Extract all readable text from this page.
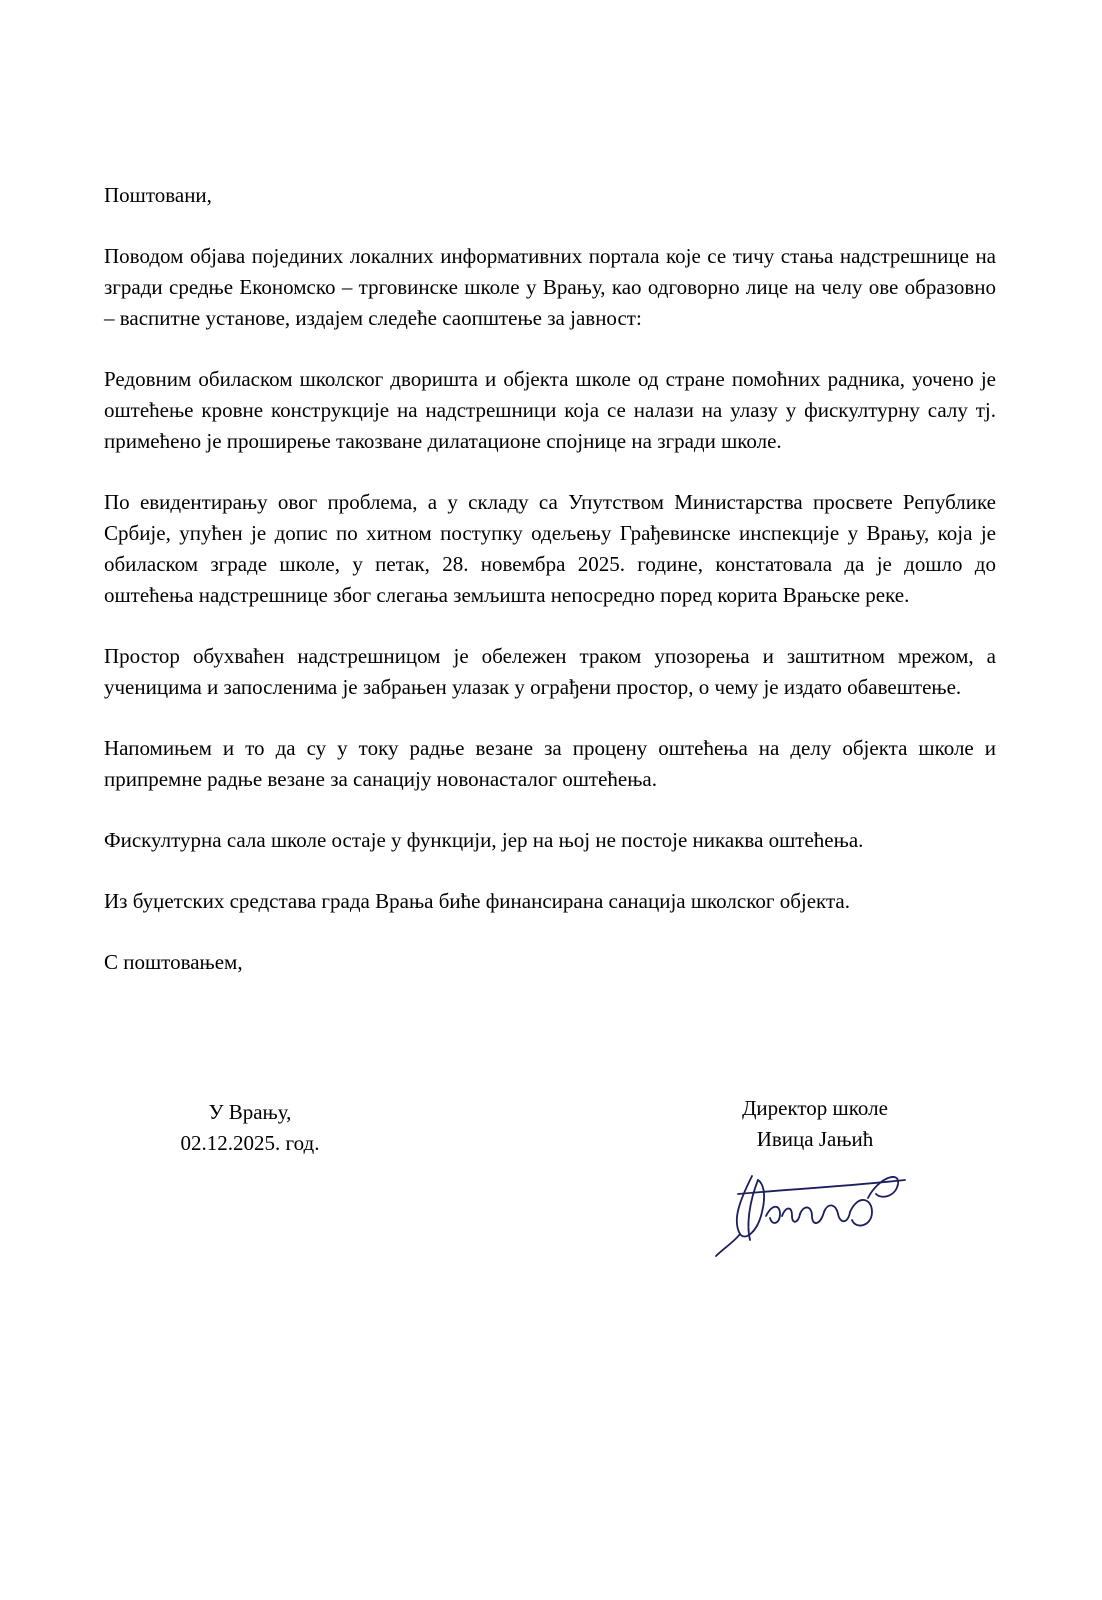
Поштовани,

Поводом објава појединих локалних информативних портала које се тичу стања надстрешнице на згради средње Економско – трговинске школе у Врању, као одговорно лице на челу ове образовно – васпитне установе, издајем следеће саопштење за јавност:

Редовним обиласком школског дворишта и објекта школе од стране помоћних радника, уочено је оштећење кровне конструкције на надстрешници која се налази на улазу у фискултурну салу тј. примећено је проширење такозване дилатационе спојнице на згради школе.

По евидентирању овог проблема, а у складу са Упутством Министарства просвете Републике Србије, упућен је допис по хитном поступку одељењу Грађевинске инспекције у Врању, која је обиласком зграде школе, у петак, 28. новембра 2025. године, констатовала да је дошло до оштећења надстрешнице због слегања земљишта непосредно поред корита Врањске реке.

Простор обухваћен надстрешницом је обележен траком упозорења и заштитном мрежом, а ученицима и запосленима је забрањен улазак у ограђени простор, о чему је издато обавештење.

Напомињем и то да су у току радње везане за процену оштећења на делу објекта школе и припремне радње везане за санацију новонасталог оштећења.

Фискултурна сала школе остаје у функцији, јер на њој не постоје никаква оштећења.

Из буџетских средстава града Врања биће финансирана санација школског објекта.

С поштовањем,

У Врању,
02.12.2025. год.
Директор школе
Ивица Јањић
